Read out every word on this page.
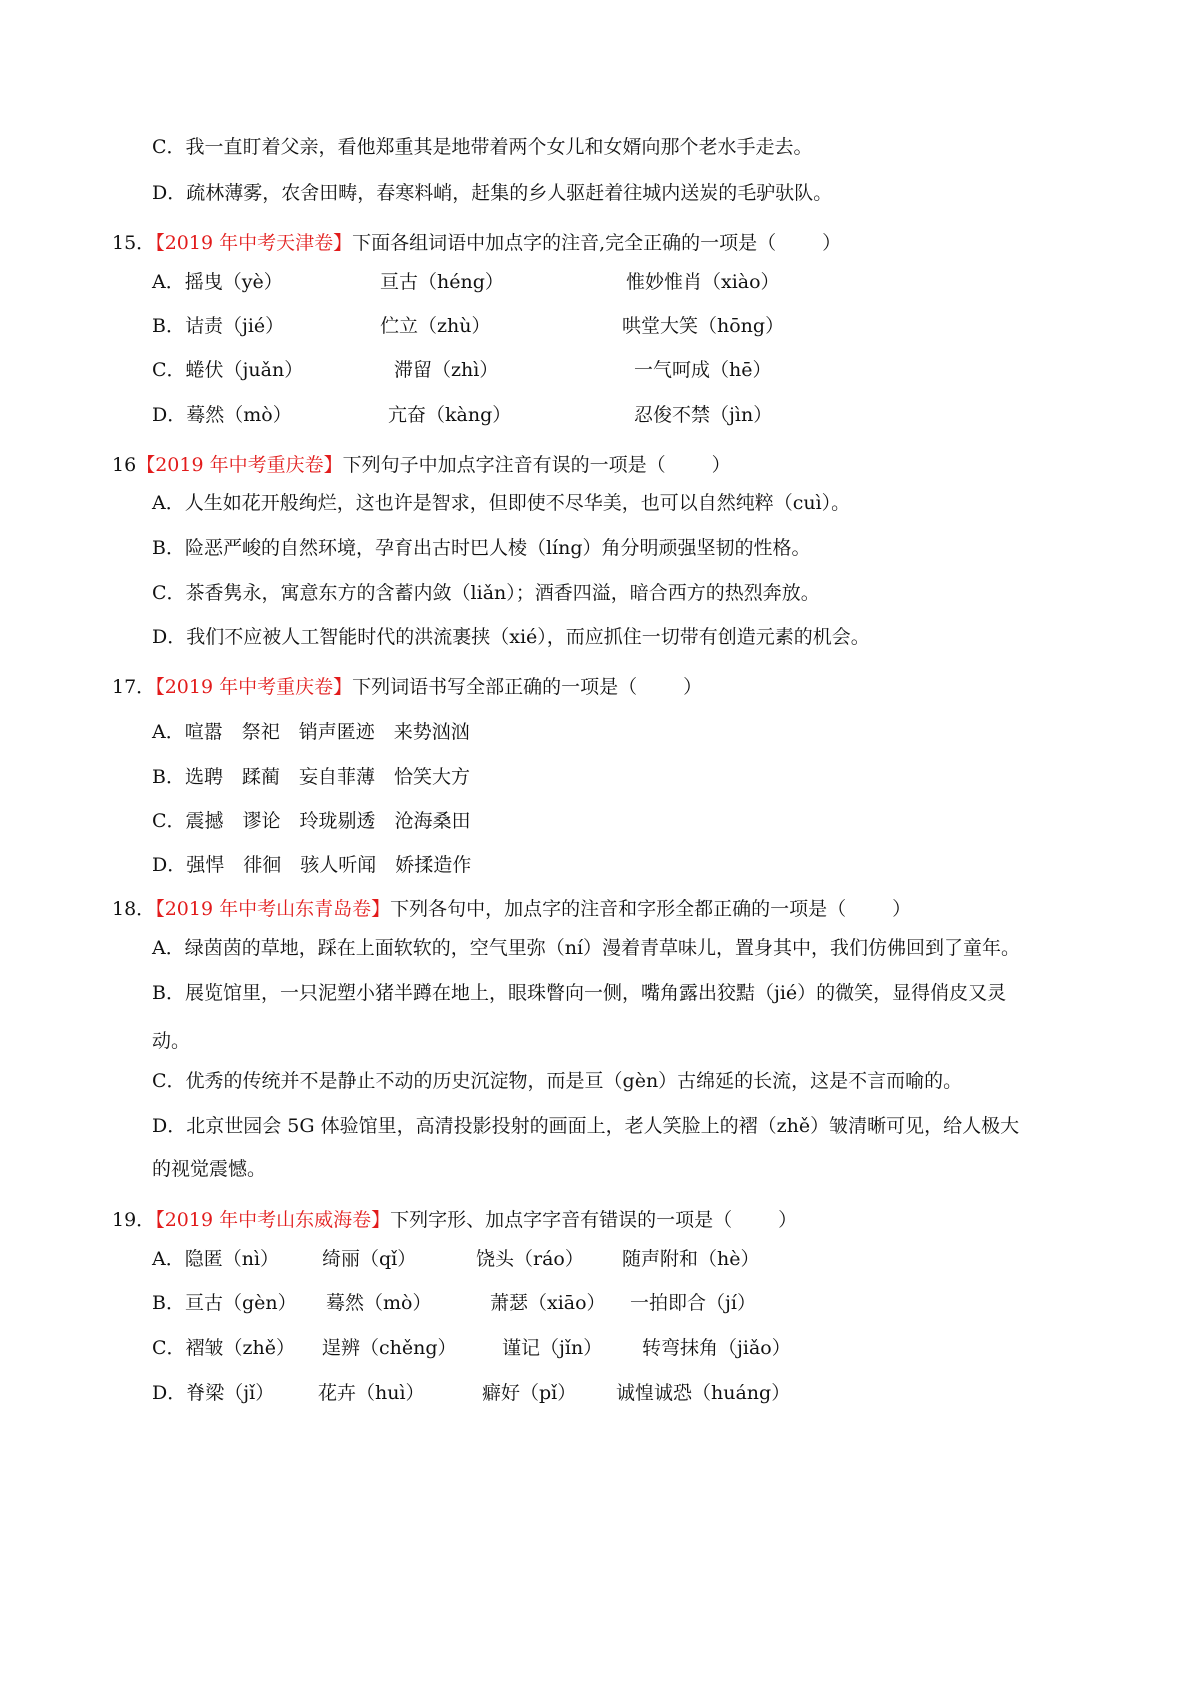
C．我一直盯着父亲，看他郑重其是地带着两个女儿和女婿向那个老水手走去。
D．疏林薄雾，农舍田畴，春寒料峭，赶集的乡人驱赶着往城内送炭的毛驴驮队。
15．【2019 年中考天津卷】下面各组词语中加点字的注音,完全正确的一项是（ ）
A．摇曳（yè）	亘古（héng）	惟妙惟肖（xiào）
B．诘责（jié）	伫立（zhù）	哄堂大笑（hōng）
C．蜷伏（juǎn）	滞留（zhì）	一气呵成（hē）
D．蓦然（mò）	亢奋（kàng）	忍俊不禁（jìn）
16【2019 年中考重庆卷】下列句子中加点字注音有误的一项是（ ）
A．人生如花开般绚烂，这也许是智求，但即使不尽华美，也可以自然纯粹（cuì）。
B．险恶严峻的自然环境，孕育出古时巴人棱（líng）角分明顽强坚韧的性格。
C．茶香隽永，寓意东方的含蓄内敛（liǎn）；酒香四溢，暗合西方的热烈奔放。
D．我们不应被人工智能时代的洪流裹挟（xié），而应抓住一切带有创造元素的机会。
17．【2019 年中考重庆卷】下列词语书写全部正确的一项是（ ）
A．喧嚣　祭祀　销声匿迹　来势汹汹
B．选聘　蹂蔺　妄自菲薄　恰笑大方
C．震撼　谬论　玲珑剔透　沧海桑田
D．强悍　徘徊　骇人听闻　娇揉造作
18．【2019 年中考山东青岛卷】下列各句中，加点字的注音和字形全都正确的一项是（ ）
A．绿茵茵的草地，踩在上面软软的，空气里弥（ní）漫着青草味儿，置身其中，我们仿佛回到了童年。
B．展览馆里，一只泥塑小猪半蹲在地上，眼珠瞥向一侧，嘴角露出狡黠（jié）的微笑，显得俏皮又灵
动。
C．优秀的传统并不是静止不动的历史沉淀物，而是亘（gèn）古绵延的长流，这是不言而喻的。
D．北京世园会 5G 体验馆里，高清投影投射的画面上，老人笑脸上的褶（zhě）皱清晰可见，给人极大
的视觉震憾。
19．【2019 年中考山东威海卷】下列字形、加点字字音有错误的一项是（ ）
A．隐匿（nì） 绮丽（qǐ）	饶头（ráo） 随声附和（hè）
B．亘古（gèn） 蓦然（mò）	萧瑟（xiāo） 一拍即合（jí）
C．褶皱（zhě） 逞辨（chěng） 谨记（jǐn） 转弯抹角（jiǎo）
D．脊梁（jǐ） 花卉（huì）	癖好（pǐ） 诚惶诚恐（huáng）
